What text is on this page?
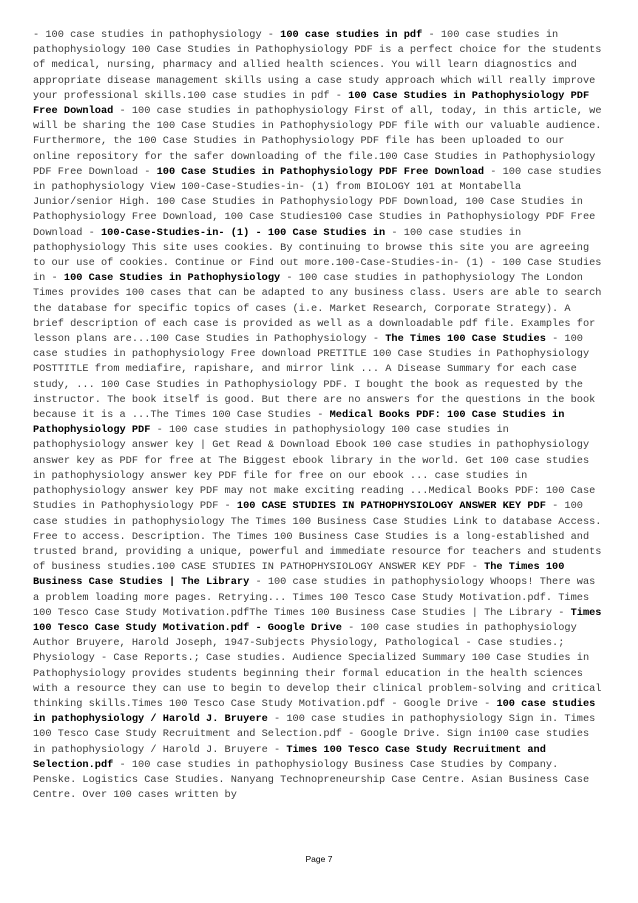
- 100 case studies in pathophysiology - 100 case studies in pdf - 100 case studies in pathophysiology 100 Case Studies in Pathophysiology PDF is a perfect choice for the students of medical, nursing, pharmacy and allied health sciences. You will learn diagnostics and appropriate disease management skills using a case study approach which will really improve your professional skills.100 case studies in pdf - 100 Case Studies in Pathophysiology PDF Free Download - 100 case studies in pathophysiology First of all, today, in this article, we will be sharing the 100 Case Studies in Pathophysiology PDF file with our valuable audience. Furthermore, the 100 Case Studies in Pathophysiology PDF file has been uploaded to our online repository for the safer downloading of the file.100 Case Studies in Pathophysiology PDF Free Download - 100 Case Studies in Pathophysiology PDF Free Download - 100 case studies in pathophysiology View 100-Case-Studies-in- (1) from BIOLOGY 101 at Montabella Junior/senior High. 100 Case Studies in Pathophysiology PDF Download, 100 Case Studies in Pathophysiology Free Download, 100 Case Studies100 Case Studies in Pathophysiology PDF Free Download - 100-Case-Studies-in- (1) - 100 Case Studies in - 100 case studies in pathophysiology This site uses cookies. By continuing to browse this site you are agreeing to our use of cookies. Continue or Find out more.100-Case-Studies-in- (1) - 100 Case Studies in - 100 Case Studies in Pathophysiology - 100 case studies in pathophysiology The London Times provides 100 cases that can be adapted to any business class. Users are able to search the database for specific topics of cases (i.e. Market Research, Corporate Strategy). A brief description of each case is provided as well as a downloadable pdf file. Examples for lesson plans are...100 Case Studies in Pathophysiology - The Times 100 Case Studies - 100 case studies in pathophysiology Free download PRETITLE 100 Case Studies in Pathophysiology POSTTITLE from mediafire, rapishare, and mirror link ... A Disease Summary for each case study, ... 100 Case Studies in Pathophysiology PDF. I bought the book as requested by the instructor. The book itself is good. But there are no answers for the questions in the book because it is a ...The Times 100 Case Studies - Medical Books PDF: 100 Case Studies in Pathophysiology PDF - 100 case studies in pathophysiology 100 case studies in pathophysiology answer key | Get Read & Download Ebook 100 case studies in pathophysiology answer key as PDF for free at The Biggest ebook library in the world. Get 100 case studies in pathophysiology answer key PDF file for free on our ebook ... case studies in pathophysiology answer key PDF may not make exciting reading ...Medical Books PDF: 100 Case Studies in Pathophysiology PDF - 100 CASE STUDIES IN PATHOPHYSIOLOGY ANSWER KEY PDF - 100 case studies in pathophysiology The Times 100 Business Case Studies Link to database Access. Free to access. Description. The Times 100 Business Case Studies is a long-established and trusted brand, providing a unique, powerful and immediate resource for teachers and students of business studies.100 CASE STUDIES IN PATHOPHYSIOLOGY ANSWER KEY PDF - The Times 100 Business Case Studies | The Library - 100 case studies in pathophysiology Whoops! There was a problem loading more pages. Retrying... Times 100 Tesco Case Study Motivation.pdf. Times 100 Tesco Case Study Motivation.pdfThe Times 100 Business Case Studies | The Library - Times 100 Tesco Case Study Motivation.pdf - Google Drive - 100 case studies in pathophysiology Author Bruyere, Harold Joseph, 1947-Subjects Physiology, Pathological - Case studies.; Physiology - Case Reports.; Case studies. Audience Specialized Summary 100 Case Studies in Pathophysiology provides students beginning their formal education in the health sciences with a resource they can use to begin to develop their clinical problem-solving and critical thinking skills.Times 100 Tesco Case Study Motivation.pdf - Google Drive - 100 case studies in pathophysiology / Harold J. Bruyere - 100 case studies in pathophysiology Sign in. Times 100 Tesco Case Study Recruitment and Selection.pdf - Google Drive. Sign in100 case studies in pathophysiology / Harold J. Bruyere - Times 100 Tesco Case Study Recruitment and Selection.pdf - 100 case studies in pathophysiology Business Case Studies by Company. Penske. Logistics Case Studies. Nanyang Technopreneurship Case Centre. Asian Business Case Centre. Over 100 cases written by
Page 7
